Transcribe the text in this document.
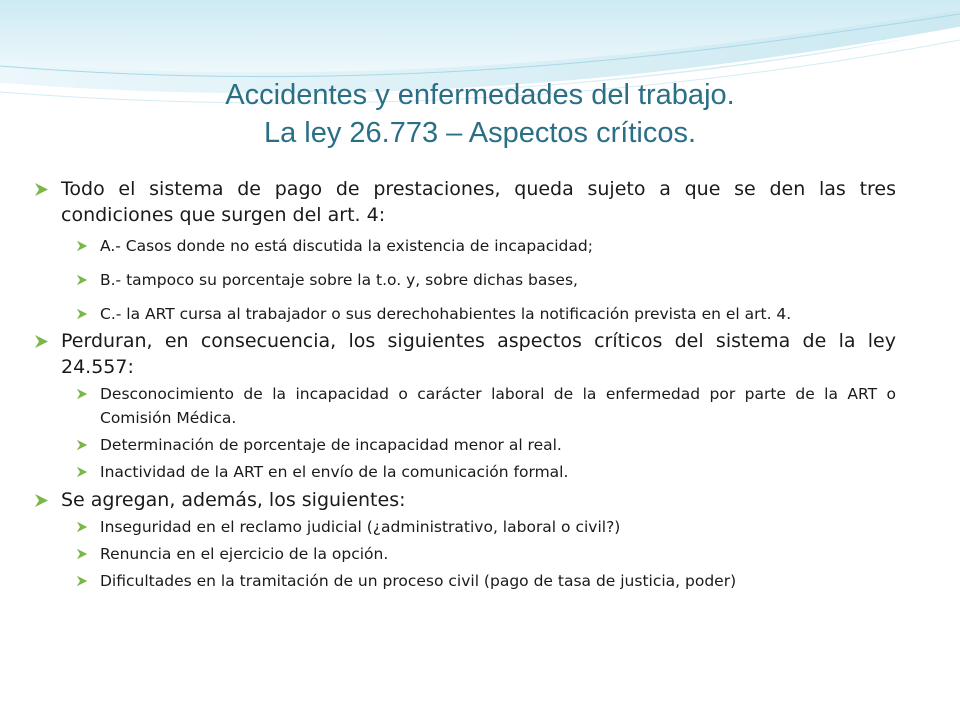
Accidentes y enfermedades del trabajo.
La ley 26.773 – Aspectos críticos.
Todo el sistema de pago de prestaciones, queda sujeto a que se den las tres condiciones que surgen del art. 4:
A.- Casos donde no está discutida la existencia de incapacidad;
B.- tampoco su porcentaje sobre la t.o. y, sobre dichas bases,
C.- la ART cursa al trabajador o sus derechohabientes la notificación prevista en el art. 4.
Perduran, en consecuencia, los siguientes aspectos críticos del sistema de la ley 24.557:
Desconocimiento de la incapacidad o carácter laboral de la enfermedad por parte de la ART o Comisión Médica.
Determinación de porcentaje de incapacidad menor al real.
Inactividad de la ART en el envío de la comunicación formal.
Se agregan, además, los siguientes:
Inseguridad en el reclamo judicial (¿administrativo, laboral o civil?)
Renuncia en el ejercicio de la opción.
Dificultades en la tramitación de un proceso civil (pago de tasa de justicia, poder)
